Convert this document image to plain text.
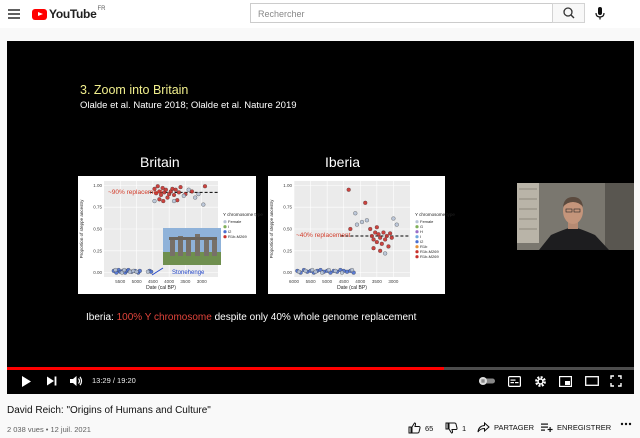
YouTube FR
Rechercher
3. Zoom into Britain
Olalde et al. Nature 2018; Olalde et al. Nature 2019
Britain	Iberia
0.00
0.25
0.50
0.75
1.00
5500 5000 4500 4000 3500 3000
Date (cal BP)
Proportion of steppe ancestry	Y chromosome type
Female
I
I2
R1b-M269
~90% replacement
Stonehenge	0.00
0.25
0.50
0.75
1.00
6000 5500 5000 4500 4000 3500 3000
Date (cal BP)
Proportion of steppe ancestry	Y chromosome type
Female
G
H
I
I2
R1b
R1b-M269
R1b-M269
~40% replacement
Iberia: 100% Y chromosome despite only 40% whole genome replacement
13:29 / 19:20
David Reich: "Origins of Humans and Culture"
2 038 vues • 12 juil. 2021	65	1	PARTAGER	ENREGISTRER
